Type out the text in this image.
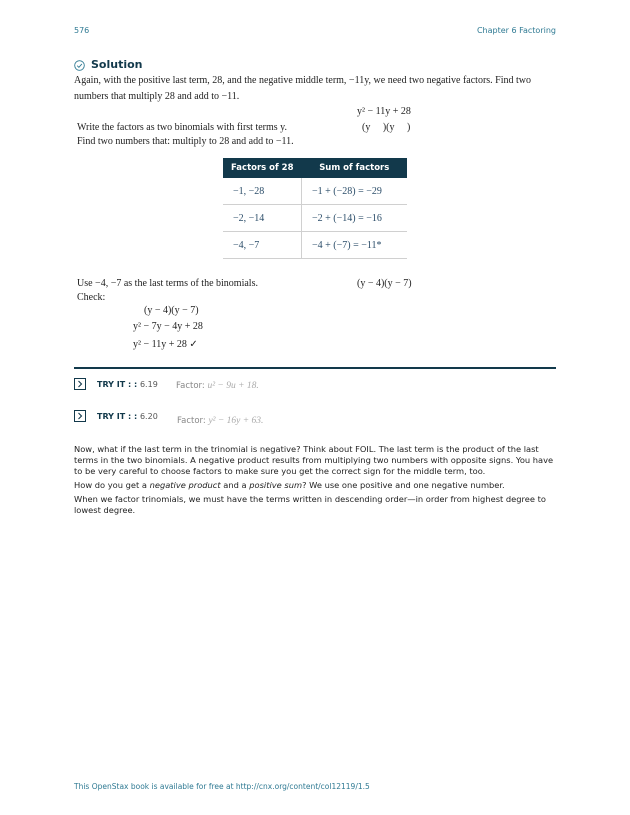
576	Chapter 6 Factoring
Solution
Again, with the positive last term, 28, and the negative middle term, −11y, we need two negative factors. Find two
numbers that multiply 28 and add to −11.
y² − 11y + 28
Write the factors as two binomials with first terms y.	(y     )(y     )
Find two numbers that: multiply to 28 and add to −11.
Factors of 28	Sum of factors
−1, −28	−1 + (−28) = −29
−2, −14	−2 + (−14) = −16
−4, −7	−4 + (−7) = −11*
Use −4, −7 as the last terms of the binomials.	(y − 4)(y − 7)
Check:
(y − 4)(y − 7)
y² − 7y − 4y + 28
y² − 11y + 28 ✓
TRY IT : : 6.19 Factor: u² − 9u + 18.
TRY IT : : 6.20 Factor: y² − 16y + 63.
Now, what if the last term in the trinomial is negative? Think about FOIL. The last term is the product of the last terms in the two binomials. A negative product results from multiplying two numbers with opposite signs. You have to be very careful to choose factors to make sure you get the correct sign for the middle term, too.
How do you get a negative product and a positive sum? We use one positive and one negative number.
When we factor trinomials, we must have the terms written in descending order—in order from highest degree to lowest degree.
This OpenStax book is available for free at http://cnx.org/content/col12119/1.5
